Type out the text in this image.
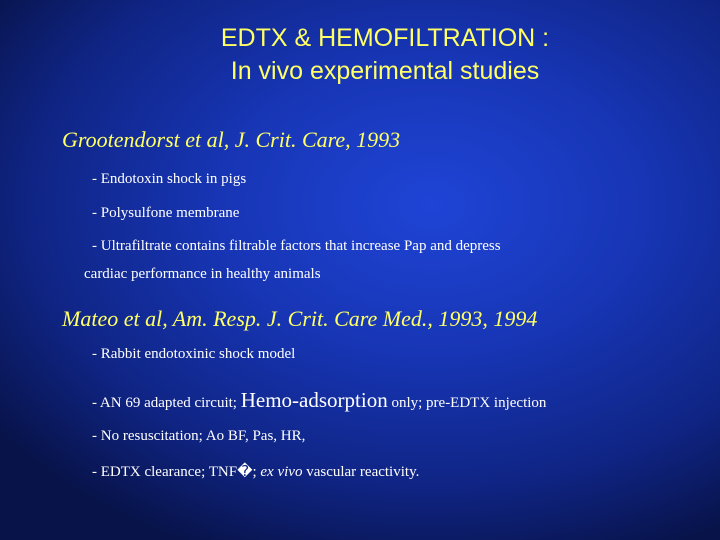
EDTX & HEMOFILTRATION :
In vivo experimental studies
Grootendorst et al, J. Crit. Care, 1993
- Endotoxin shock in pigs
- Polysulfone membrane
- Ultrafiltrate contains filtrable factors that increase Pap and depress
cardiac performance in healthy animals
Mateo et al, Am. Resp. J. Crit. Care Med., 1993, 1994
- Rabbit endotoxinic shock model
- AN 69 adapted circuit; Hemo-adsorption only; pre-EDTX injection
- No resuscitation; Ao BF, Pas, HR,
- EDTX clearance; TNF�; ex vivo vascular reactivity.
